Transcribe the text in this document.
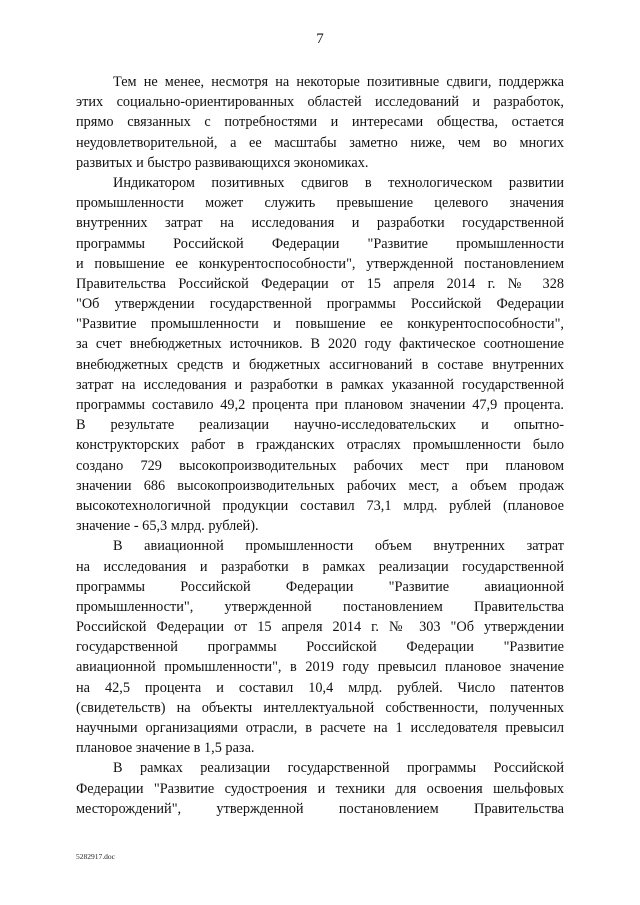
7
Тем не менее, несмотря на некоторые позитивные сдвиги, поддержка
этих социально-ориентированных областей исследований и разработок,
прямо связанных с потребностями и интересами общества, остается
неудовлетворительной, а ее масштабы заметно ниже, чем во многих
развитых и быстро развивающихся экономиках.
Индикатором позитивных сдвигов в технологическом развитии
промышленности может служить превышение целевого значения
внутренних затрат на исследования и разработки государственной
программы Российской Федерации "Развитие промышленности
и повышение ее конкурентоспособности", утвержденной постановлением
Правительства Российской Федерации от 15 апреля 2014 г. № 328
"Об утверждении государственной программы Российской Федерации
"Развитие промышленности и повышение ее конкурентоспособности",
за счет внебюджетных источников. В 2020 году фактическое соотношение
внебюджетных средств и бюджетных ассигнований в составе внутренних
затрат на исследования и разработки в рамках указанной государственной
программы составило 49,2 процента при плановом значении 47,9 процента.
В результате реализации научно-исследовательских и опытно-
конструкторских работ в гражданских отраслях промышленности было
создано 729 высокопроизводительных рабочих мест при плановом
значении 686 высокопроизводительных рабочих мест, а объем продаж
высокотехнологичной продукции составил 73,1 млрд. рублей (плановое
значение - 65,3 млрд. рублей).
В авиационной промышленности объем внутренних затрат
на исследования и разработки в рамках реализации государственной
программы Российской Федерации "Развитие авиационной
промышленности", утвержденной постановлением Правительства
Российской Федерации от 15 апреля 2014 г. № 303 "Об утверждении
государственной программы Российской Федерации "Развитие
авиационной промышленности", в 2019 году превысил плановое значение
на 42,5 процента и составил 10,4 млрд. рублей. Число патентов
(свидетельств) на объекты интеллектуальной собственности, полученных
научными организациями отрасли, в расчете на 1 исследователя превысил
плановое значение в 1,5 раза.
В рамках реализации государственной программы Российской
Федерации "Развитие судостроения и техники для освоения шельфовых
месторождений", утвержденной постановлением Правительства
5282917.doc
